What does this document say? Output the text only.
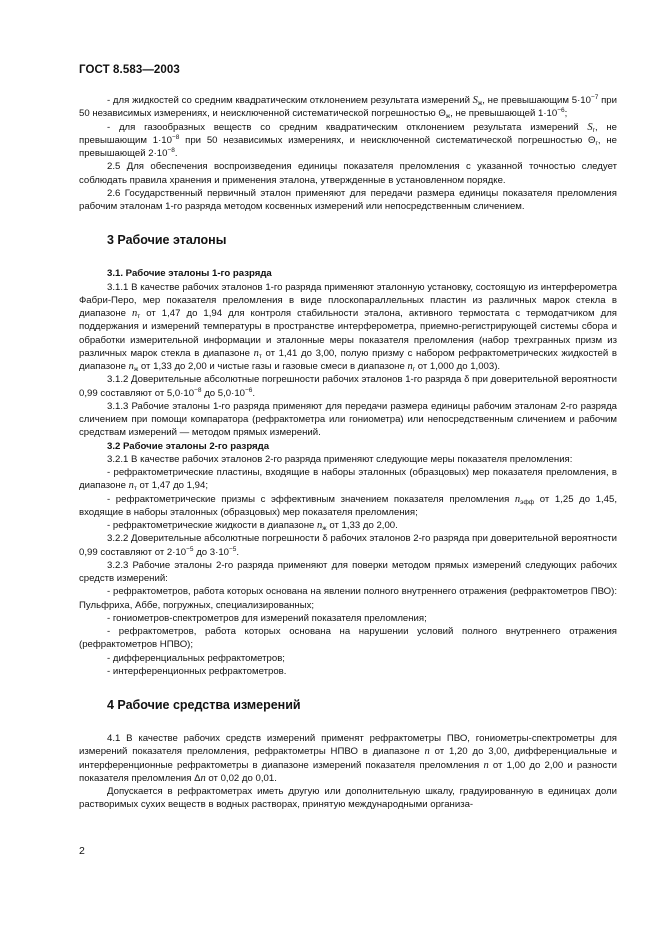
ГОСТ 8.583—2003

- для жидкостей со средним квадратическим отклонением результата измерений $S_ж$, не превышающим $5\cdot 10^{-7}$ при 50 независимых измерениях, и неисключенной систематической погрешностью $\Theta_ж$, не превышающей $1\cdot 10^{-6}$;

- для газообразных веществ со средним квадратическим отклонением результата измерений $S_г$, не превышающим $1\cdot 10^{-8}$ при 50 независимых измерениях, и неисключенной систематической погрешностью $\Theta_г$, не превышающей $2\cdot 10^{-8}$.

2.5 Для обеспечения воспроизведения единицы показателя преломления с указанной точностью следует соблюдать правила хранения и применения эталона, утвержденные в установленном порядке.

2.6 Государственный первичный эталон применяют для передачи размера единицы показателя преломления рабочим эталонам 1-го разряда методом косвенных измерений или непосредственным сличением.

3 Рабочие эталоны

3.1. Рабочие эталоны 1-го разряда

3.1.1 В качестве рабочих эталонов 1-го разряда применяют эталонную установку, состоящую из интерферометра Фабри-Перо, мер показателя преломления в виде плоскопараллельных пластин из различных марок стекла в диапазоне $n_т$ от 1,47 до 1,94 для контроля стабильности эталона, активного термостата с термодатчиком для поддержания и измерений температуры в пространстве интерферометра, приемно-регистрирующей системы сбора и обработки измерительной информации и эталонные меры показателя преломления (набор трехгранных призм из различных марок стекла в диапазоне $n_т$ от 1,41 до 3,00, полую призму с набором рефрактометрических жидкостей в диапазоне $n_ж$ от 1,33 до 2,00 и чистые газы и газовые смеси в диапазоне $n_г$ от 1,000 до 1,003).

3.1.2 Доверительные абсолютные погрешности рабочих эталонов 1-го разряда δ при доверительной вероятности 0,99 составляют от $5,0\cdot 10^{-8}$ до $5,0\cdot 10^{-6}$.

3.1.3 Рабочие эталоны 1-го разряда применяют для передачи размера единицы рабочим эталонам 2-го разряда сличением при помощи компаратора (рефрактометра или гониометра) или непосредственным сличением и рабочим средствам измерений — методом прямых измерений.

3.2 Рабочие эталоны 2-го разряда

3.2.1 В качестве рабочих эталонов 2-го разряда применяют следующие меры показателя преломления:

- рефрактометрические пластины, входящие в наборы эталонных (образцовых) мер показателя преломления, в диапазоне $n_т$ от 1,47 до 1,94;

- рефрактометрические призмы с эффективным значением показателя преломления $n_{эфф}$ от 1,25 до 1,45, входящие в наборы эталонных (образцовых) мер показателя преломления;

- рефрактометрические жидкости в диапазоне $n_ж$ от 1,33 до 2,00.

3.2.2 Доверительные абсолютные погрешности δ рабочих эталонов 2-го разряда при доверительной вероятности 0,99 составляют от $2\cdot 10^{-5}$ до $3\cdot 10^{-5}$.

3.2.3 Рабочие эталоны 2-го разряда применяют для поверки методом прямых измерений следующих рабочих средств измерений:

- рефрактометров, работа которых основана на явлении полного внутреннего отражения (рефрактометров ПВО): Пульфриха, Аббе, погружных, специализированных;

- гониометров-спектрометров для измерений показателя преломления;

- рефрактометров, работа которых основана на нарушении условий полного внутреннего отражения (рефрактометров НПВО);

- дифференциальных рефрактометров;

- интерференционных рефрактометров.

4 Рабочие средства измерений

4.1 В качестве рабочих средств измерений применят рефрактометры ПВО, гониометры-спектрометры для измерений показателя преломления, рефрактометры НПВО в диапазоне n от 1,20 до 3,00, дифференциальные и интерференционные рефрактометры в диапазоне измерений показателя преломления n от 1,00 до 2,00 и разности показателя преломления Δn от 0,02 до 0,01.

Допускается в рефрактометрах иметь другую или дополнительную шкалу, градуированную в единицах доли растворимых сухих веществ в водных растворах, принятую международными организа-

2
